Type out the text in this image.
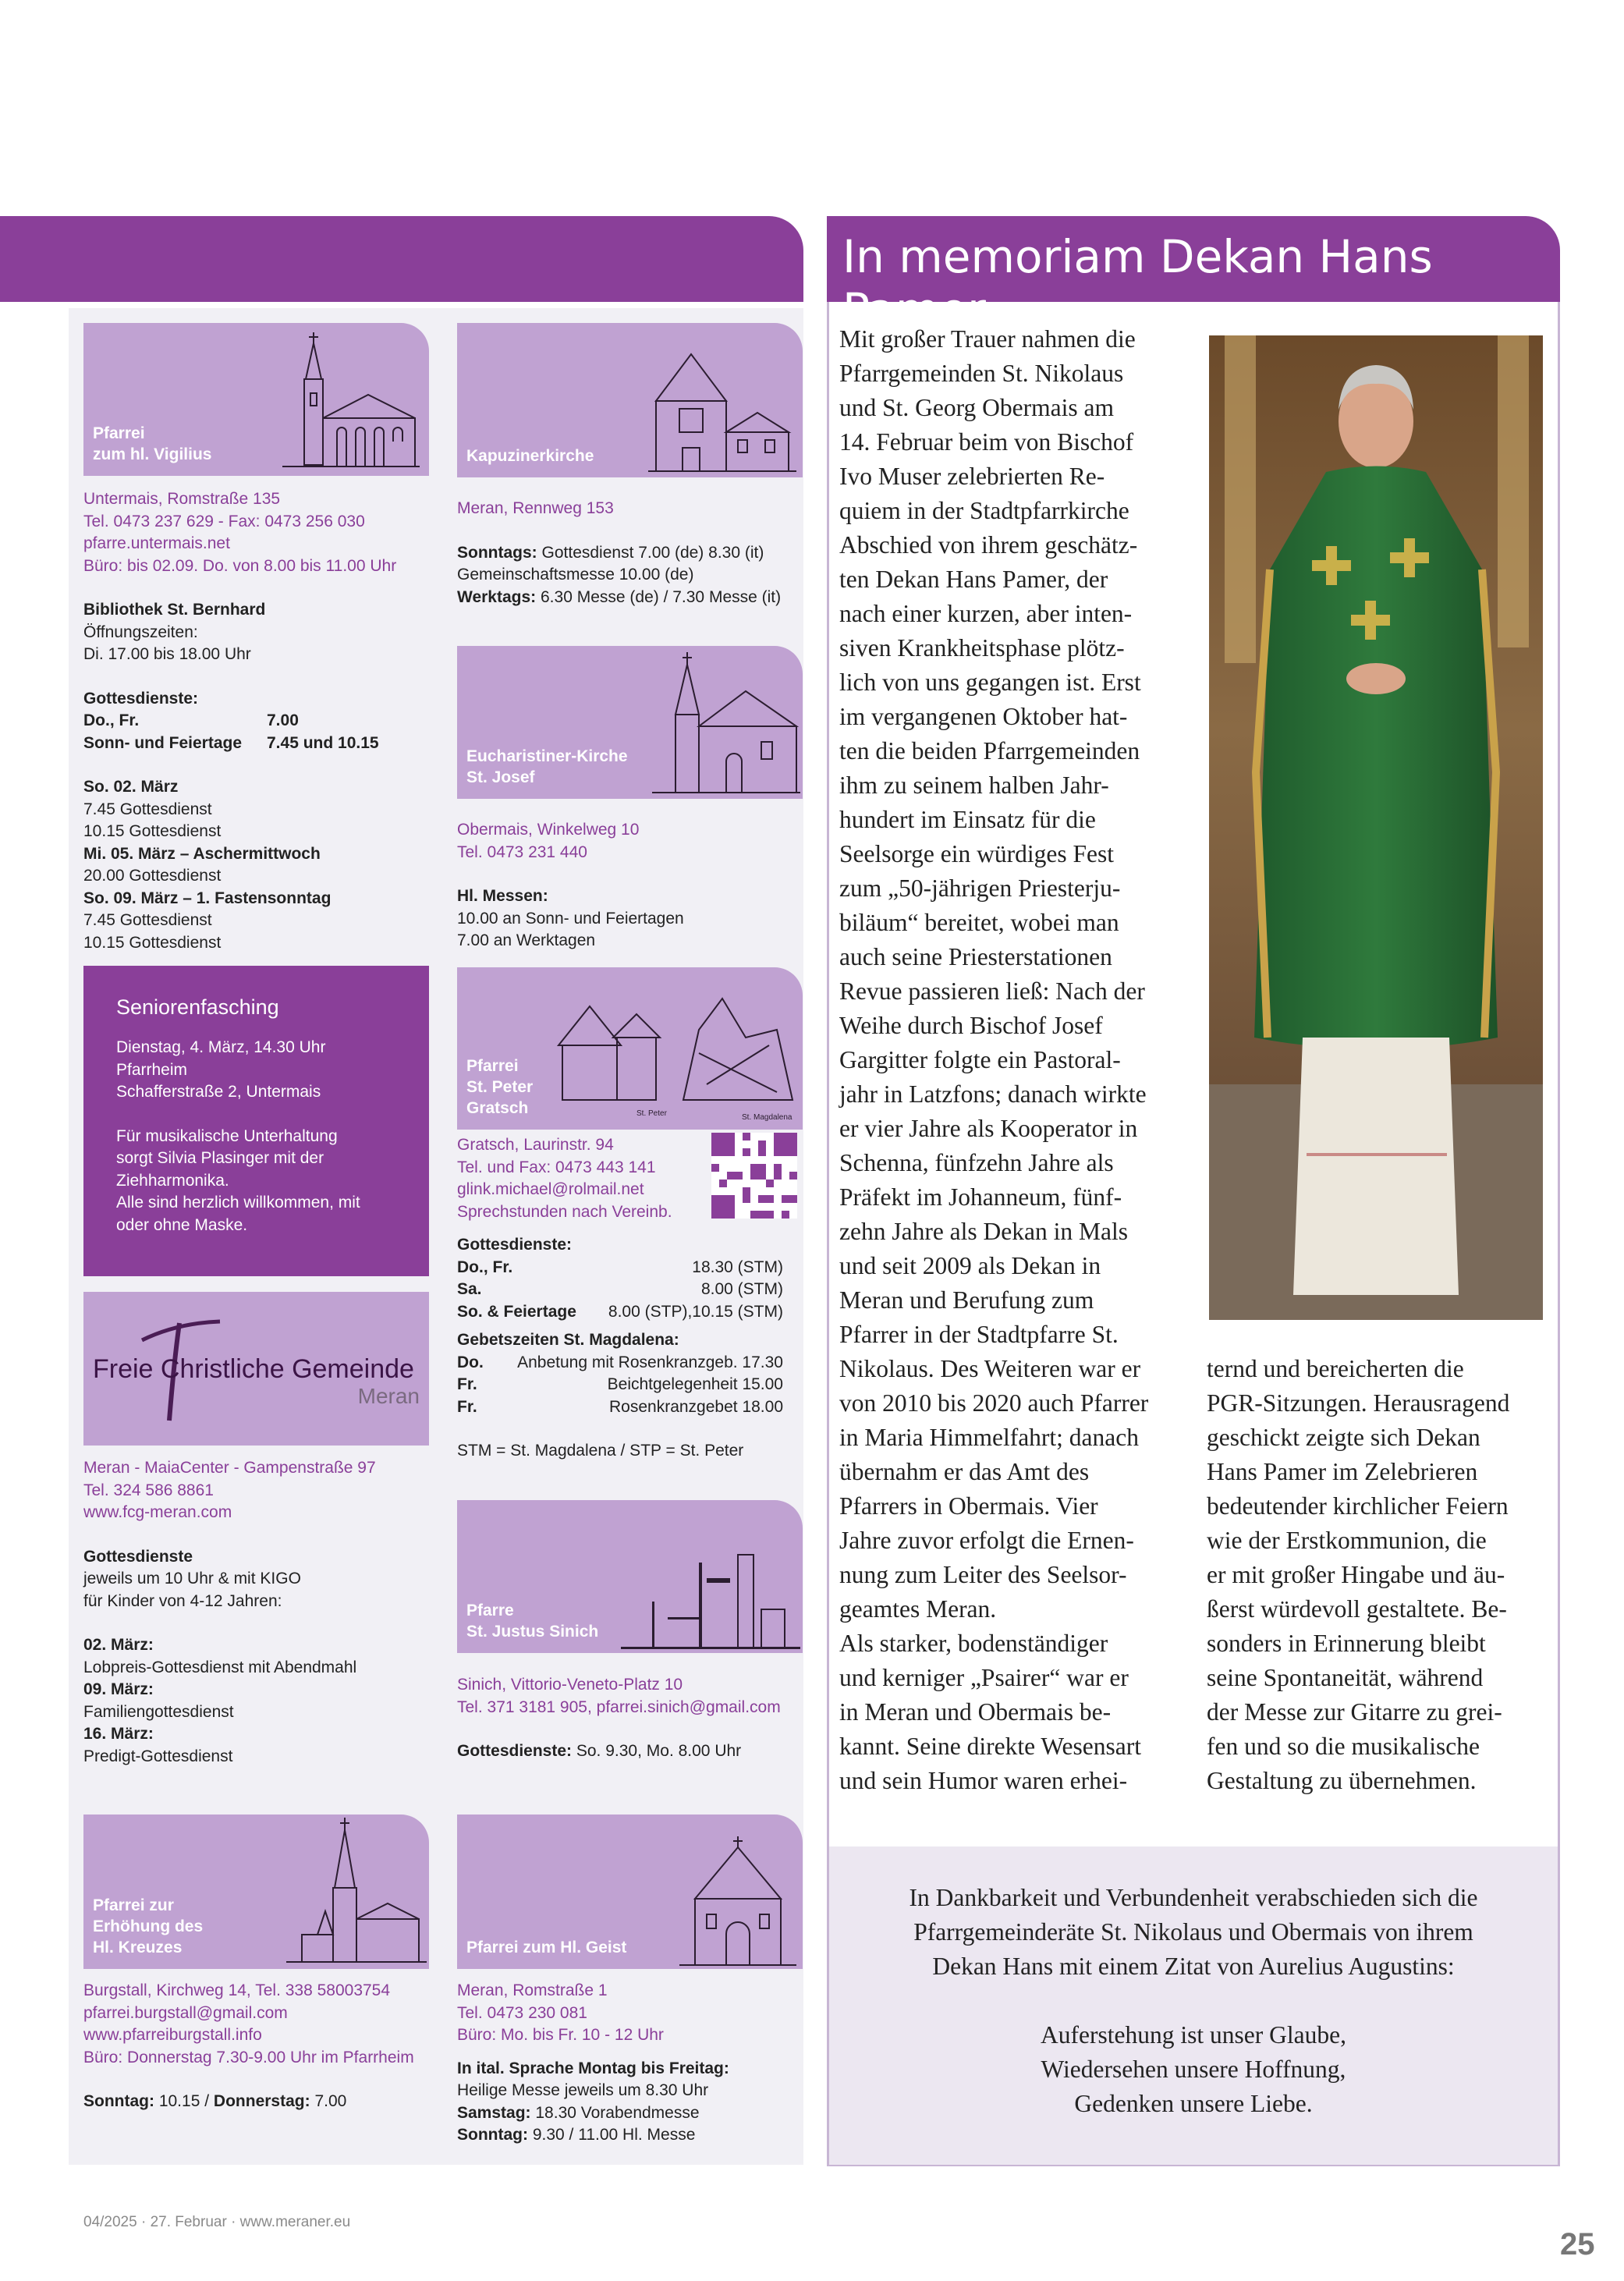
In memoriam Dekan Hans Pamer
Pfarrei
zum hl. Vigilius
Untermais, Romstraße 135
Tel. 0473 237 629 - Fax: 0473 256 030
pfarre.untermais.net
Büro: bis 02.09. Do. von 8.00 bis 11.00 Uhr
Bibliothek St. Bernhard
Öffnungszeiten:
Di. 17.00 bis 18.00 Uhr
Gottesdienste:
Do., Fr.	7.00
Sonn- und Feiertage	7.45 und 10.15
So. 02. März
7.45 Gottesdienst
10.15 Gottesdienst
Mi. 05. März – Aschermittwoch
20.00 Gottesdienst
So. 09. März – 1. Fastensonntag
7.45 Gottesdienst
10.15 Gottesdienst
Seniorenfasching

Dienstag, 4. März, 14.30 Uhr

Pfarrheim

Schafferstraße 2, Untermais

Für musikalische Unterhaltung

sorgt Silvia Plasinger mit der

Ziehharmonika.

Alle sind herzlich willkommen, mit

oder ohne Maske.

Freie Christliche Gemeinde
Meran
Meran - MaiaCenter - Gampenstraße 97
Tel. 324 586 8861
www.fcg-meran.com
Gottesdienste
jeweils um 10 Uhr & mit KIGO
für Kinder von 4-12 Jahren:
02. März:
Lobpreis-Gottesdienst mit Abendmahl
09. März:
Familiengottesdienst
16. März:
Predigt-Gottesdienst
Pfarrei zur
Erhöhung des
Hl. Kreuzes
Burgstall, Kirchweg 14, Tel. 338 58003754
pfarrei.burgstall@gmail.com
www.pfarreiburgstall.info
Büro: Donnerstag 7.30-9.00 Uhr im Pfarrheim
Sonntag: 10.15 / Donnerstag: 7.00
Kapuzinerkirche
Meran, Rennweg 153
Sonntags: Gottesdienst 7.00 (de) 8.30 (it)
Gemeinschaftsmesse 10.00 (de)
Werktags: 6.30 Messe (de) / 7.30 Messe (it)
Eucharistiner-Kirche
St. Josef
Obermais, Winkelweg 10
Tel. 0473 231 440
Hl. Messen:
10.00 an Sonn- und Feiertagen
7.00 an Werktagen
St. Peter	St. Magdalena
Pfarrei
St. Peter
Gratsch
Gratsch, Laurinstr. 94
Tel. und Fax: 0473 443 141
glink.michael@rolmail.net
Sprechstunden nach Vereinb.
Gottesdienste:
Do., Fr.	18.30 (STM)
Sa.	8.00 (STM)
So. & Feiertage 8.00 (STP),10.15 (STM)
Gebetszeiten St. Magdalena:
Do. Anbetung mit Rosenkranzgeb. 17.30
Fr.	Beichtgelegenheit 15.00
Fr.	Rosenkranzgebet 18.00
STM = St. Magdalena / STP = St. Peter
Pfarre
St. Justus Sinich
Sinich, Vittorio-Veneto-Platz 10
Tel. 371 3181 905, pfarrei.sinich@gmail.com
Gottesdienste: So. 9.30, Mo. 8.00 Uhr
Pfarrei zum Hl. Geist
Meran, Romstraße 1
Tel. 0473 230 081
Büro: Mo. bis Fr. 10 - 12 Uhr
In ital. Sprache Montag bis Freitag:
Heilige Messe jeweils um 8.30 Uhr
Samstag: 18.30 Vorabendmesse
Sonntag: 9.30 / 11.00 Hl. Messe
Mit großer Trauer nahmen die
Pfarrgemeinden St. Nikolaus
und St. Georg Obermais am
14. Februar beim von Bischof
Ivo Muser zelebrierten Re-
quiem in der Stadtpfarrkirche
Abschied von ihrem geschätz-
ten Dekan Hans Pamer, der
nach einer kurzen, aber inten-
siven Krankheitsphase plötz-
lich von uns gegangen ist. Erst
im vergangenen Oktober hat-
ten die beiden Pfarrgemeinden
ihm zu seinem halben Jahr-
hundert im Einsatz für die
Seelsorge ein würdiges Fest
zum „50-jährigen Priesterju-
biläum“ bereitet, wobei man
auch seine Priesterstationen
Revue passieren ließ: Nach der
Weihe durch Bischof Josef
Gargitter folgte ein Pastoral-
jahr in Latzfons; danach wirkte
er vier Jahre als Kooperator in
Schenna, fünfzehn Jahre als
Präfekt im Johanneum, fünf-
zehn Jahre als Dekan in Mals
und seit 2009 als Dekan in
Meran und Berufung zum
Pfarrer in der Stadtpfarre St.
Nikolaus. Des Weiteren war er
von 2010 bis 2020 auch Pfarrer
in Maria Himmelfahrt; danach
übernahm er das Amt des
Pfarrers in Obermais. Vier
Jahre zuvor erfolgt die Ernen-
nung zum Leiter des Seelsor-
geamtes Meran.
Als starker, bodenständiger
und kerniger „Psairer“ war er
in Meran und Obermais be-
kannt. Seine direkte Wesensart
und sein Humor waren erhei-
ternd und bereicherten die
PGR-Sitzungen. Herausragend
geschickt zeigte sich Dekan
Hans Pamer im Zelebrieren
bedeutender kirchlicher Feiern
wie der Erstkommunion, die
er mit großer Hingabe und äu-
ßerst würdevoll gestaltete. Be-
sonders in Erinnerung bleibt
seine Spontaneität, während
der Messe zur Gitarre zu grei-
fen und so die musikalische
Gestaltung zu übernehmen.
In Dankbarkeit und Verbundenheit verabschieden sich die
Pfarrgemeinderäte St. Nikolaus und Obermais von ihrem
Dekan Hans mit einem Zitat von Aurelius Augustins:
Auferstehung ist unser Glaube,
Wiedersehen unsere Hoffnung,
Gedenken unsere Liebe.
04/2025 · 27. Februar · www.meraner.eu
25
